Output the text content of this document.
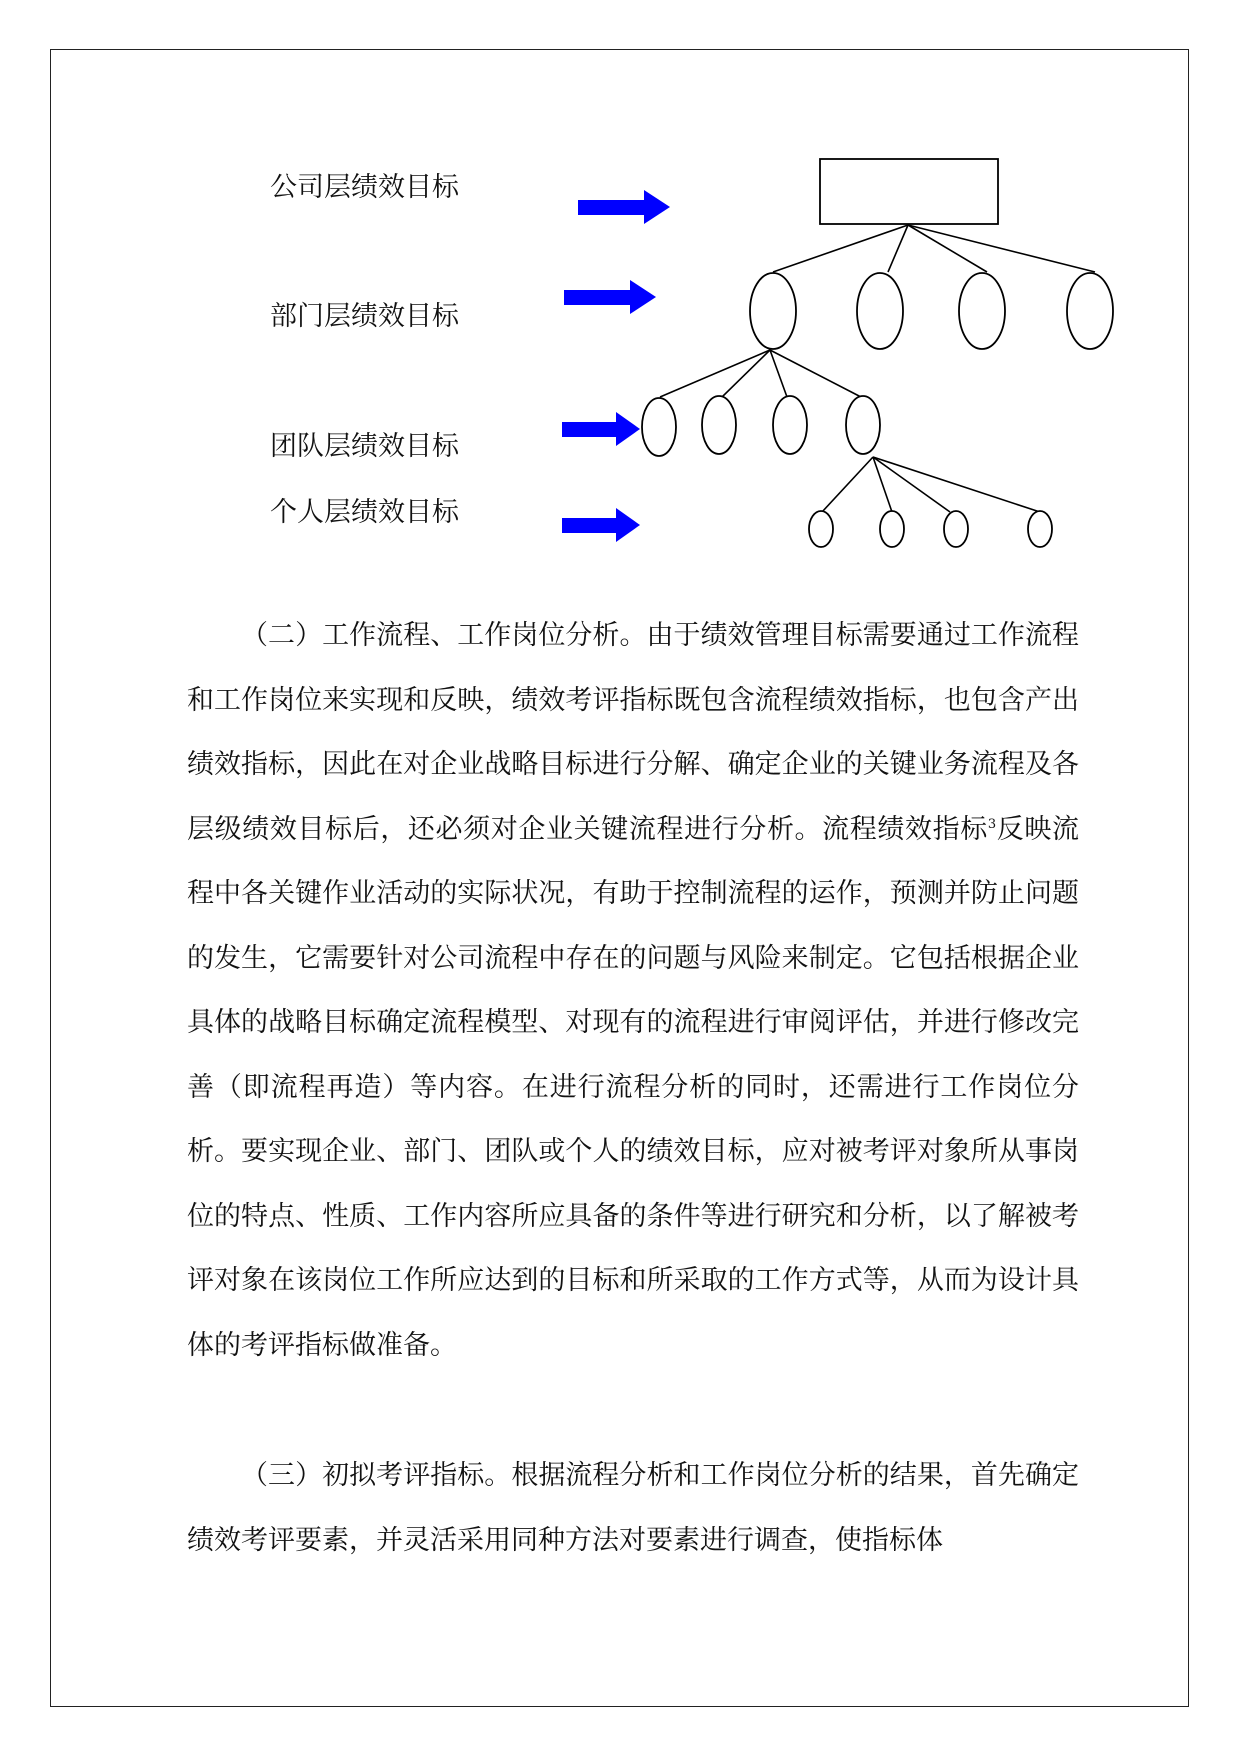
公司层绩效目标
部门层绩效目标
团队层绩效目标
个人层绩效目标

（二）工作流程、工作岗位分析。由于绩效管理目标需要通过工作流程和工作岗位来实现和反映，绩效考评指标既包含流程绩效指标，也包含产出绩效指标，因此在对企业战略目标进行分解、确定企业的关键业务流程及各层级绩效目标后，还必须对企业关键流程进行分析。流程绩效指标$^3$反映流程中各关键作业活动的实际状况，有助于控制流程的运作，预测并防止问题的发生，它需要针对公司流程中存在的问题与风险来制定。它包括根据企业具体的战略目标确定流程模型、对现有的流程进行审阅评估，并进行修改完善（即流程再造）等内容。在进行流程分析的同时，还需进行工作岗位分析。要实现企业、部门、团队或个人的绩效目标，应对被考评对象所从事岗位的特点、性质、工作内容所应具备的条件等进行研究和分析，以了解被考评对象在该岗位工作所应达到的目标和所采取的工作方式等，从而为设计具体的考评指标做准备。

（三）初拟考评指标。根据流程分析和工作岗位分析的结果，首先确定绩效考评要素，并灵活采用同种方法对要素进行调查，使指标体
